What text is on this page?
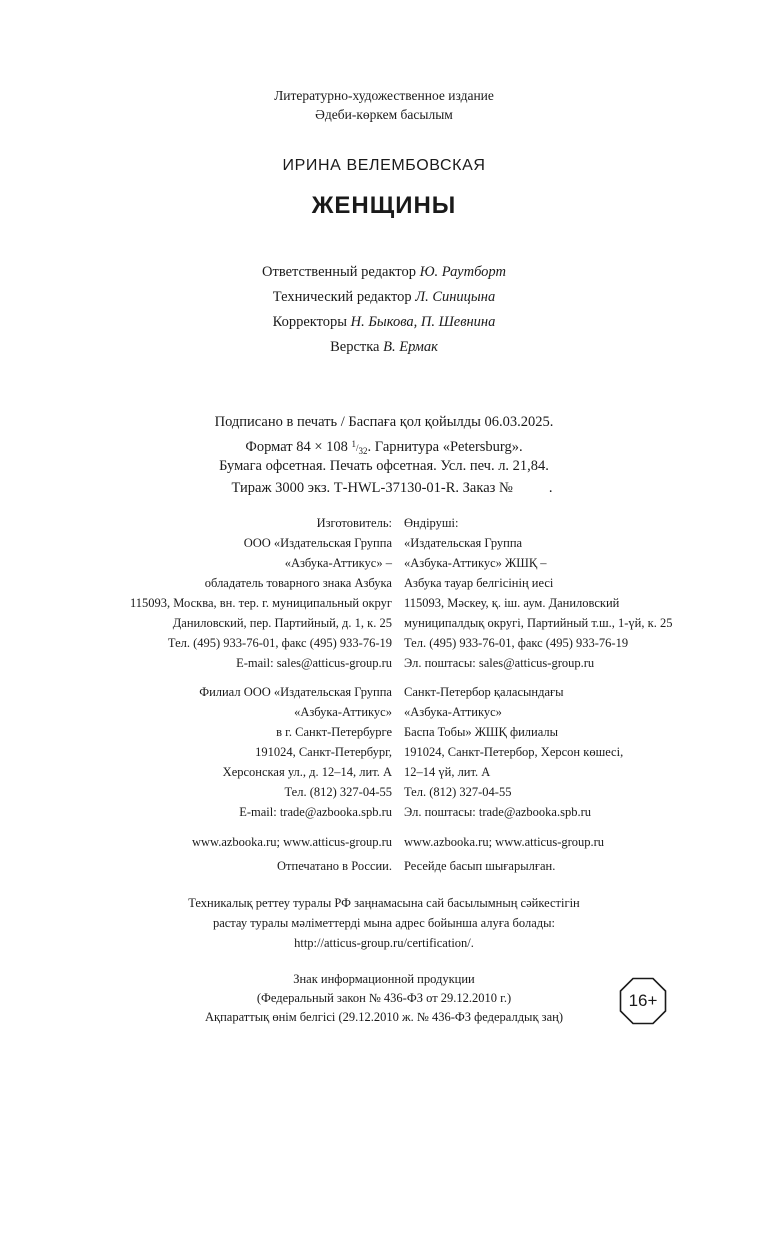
Литературно-художественное издание
Әдеби-көркем басылым
ИРИНА ВЕЛЕМБОВСКАЯ
ЖЕНЩИНЫ
Ответственный редактор Ю. Раутборт
Технический редактор Л. Синицына
Корректоры Н. Быкова, П. Шевнина
Верстка В. Ермак
Подписано в печать / Баспаға қол қойылды 06.03.2025.
Формат 84 × 108 $^1/_{32}$. Гарнитура «Petersburg».
Бумага офсетная. Печать офсетная. Усл. печ. л. 21,84.
Тираж 3000 экз. Т-HWL-37130-01-R. Заказ № .
Изготовитель:
ООО «Издательская Группа
«Азбука-Аттикус» –
обладатель товарного знака Азбука
115093, Москва, вн. тер. г. муниципальный округ
Даниловский, пер. Партийный, д. 1, к. 25
Тел. (495) 933-76-01, факс (495) 933-76-19
E-mail: sales@atticus-group.ru
Өндіруші:
«Издательская Группа
«Азбука-Аттикус» ЖШҚ –
Азбука тауар белгісінің иесі
115093, Мәскеу, қ. іш. аум. Даниловский
муниципалдық округі, Партийный т.ш., 1-үй, к. 25
Тел. (495) 933-76-01, факс (495) 933-76-19
Эл. поштасы: sales@atticus-group.ru
Филиал ООО «Издательская Группа
«Азбука-Аттикус»
в г. Санкт-Петербурге
191024, Санкт-Петербург,
Херсонская ул., д. 12–14, лит. А
Тел. (812) 327-04-55
E-mail: trade@azbooka.spb.ru
Санкт-Петербор қаласындағы
«Азбука-Аттикус»
Баспа Тобы» ЖШҚ филиалы
191024, Санкт-Петербор, Херсон көшесі,
12–14 үй, лит. А
Тел. (812) 327-04-55
Эл. поштасы: trade@azbooka.spb.ru
www.azbooka.ru; www.atticus-group.ru www.azbooka.ru; www.atticus-group.ru
Отпечатано в России. Ресейде басып шығарылған.
Техникалық реттеу туралы РФ заңнамасына сай басылымның сәйкестігін
растау туралы мәліметтерді мына адрес бойынша алуға болады:
http://atticus-group.ru/certification/.
Знак информационной продукции
(Федеральный закон № 436-ФЗ от 29.12.2010 г.)
Ақпараттық өнім белгісі (29.12.2010 ж. № 436-ФЗ федералдық заң)
16+
